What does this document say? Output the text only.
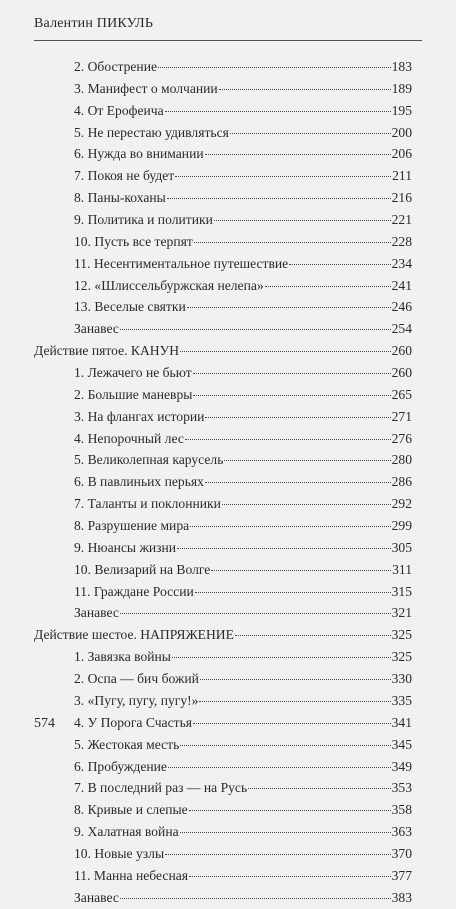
Валентин ПИКУЛЬ
2. Обострение	183
3. Манифест о молчании	189
4. От Ерофеича	195
5. Не перестаю удивляться	200
6. Нужда во внимании	206
7. Покоя не будет	211
8. Паны-коханы	216
9. Политика и политики	221
10. Пусть все терпят	228
11. Несентиментальное путешествие	234
12. «Шлиссельбуржская нелепа»	241
13. Веселые святки	246
Занавес	254
Действие пятое. КАНУН	260
1. Лежачего не бьют	260
2. Большие маневры	265
3. На флангах истории	271
4. Непорочный лес	276
5. Великолепная карусель	280
6. В павлиньих перьях	286
7. Таланты и поклонники	292
8. Разрушение мира	299
9. Нюансы жизни	305
10. Велизарий на Волге	311
11. Граждане России	315
Занавес	321
Действие шестое. НАПРЯЖЕНИЕ	325
1. Завязка войны	325
2. Оспа — бич божий	330
3. «Пугу, пугу, пугу!»	335
4. У Порога Счастья	341
5. Жестокая месть	345
6. Пробуждение	349
7. В последний раз — на Русь	353
8. Кривые и слепые	358
9. Халатная война	363
10. Новые узлы	370
11. Манна небесная	377
Занавес	383
574
